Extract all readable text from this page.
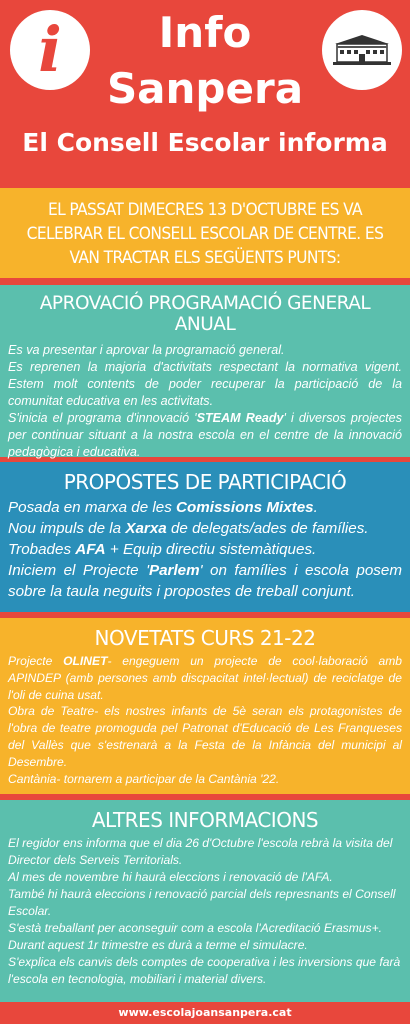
i	Info
Sanpera
El Consell Escolar informa

EL PASSAT DIMECRES 13 D'OCTUBRE ES VA CELEBRAR EL CONSELL ESCOLAR DE CENTRE. ES VAN TRACTAR ELS SEGÜENTS PUNTS:

APROVACIÓ PROGRAMACIÓ GENERAL ANUAL
Es va presentar i aprovar la programació general.
Es reprenen la majoria d'activitats respectant la normativa vigent. Estem molt contents de poder recuperar la participació de la comunitat educativa en les activitats.
S'inicia el programa d'innovació 'STEAM Ready' i diversos projectes per continuar situant a la nostra escola en el centre de la innovació pedagògica i educativa.
PROPOSTES DE PARTICIPACIÓ
Posada en marxa de les Comissions Mixtes.
Nou impuls de la Xarxa de delegats/ades de famílies.
Trobades AFA + Equip directiu sistemàtiques.
Iniciem el Projecte 'Parlem' on famílies i escola posem sobre la taula neguits i propostes de treball conjunt.
NOVETATS CURS 21-22
Projecte OLINET- engeguem un projecte de cool·laboració amb APINDEP (amb persones amb discpacitat intel·lectual) de reciclatge de l'oli de cuina usat.
Obra de Teatre- els nostres infants de 5è seran els protagonistes de l'obra de teatre promoguda pel Patronat d'Educació de Les Franqueses del Vallès que s'estrenarà a la Festa de la Infància del municipi al Desembre.
Cantània- tornarem a participar de la Cantània '22.
ALTRES INFORMACIONS
El regidor ens informa que el dia 26 d'Octubre l'escola rebrà la visita del Director dels Serveis Territorials.
Al mes de novembre hi haurà eleccions i renovació de l'AFA.
També hi haurà eleccions i renovació parcial dels represnants el Consell Escolar.
S'està treballant per aconseguir com a escola l'Acreditació Erasmus+.
Durant aquest 1r trimestre es durà a terme el simulacre.
S'explica els canvis dels comptes de cooperativa i les inversions que farà l'escola en tecnologia, mobiliari i material divers.
www.escolajoansanpera.cat
